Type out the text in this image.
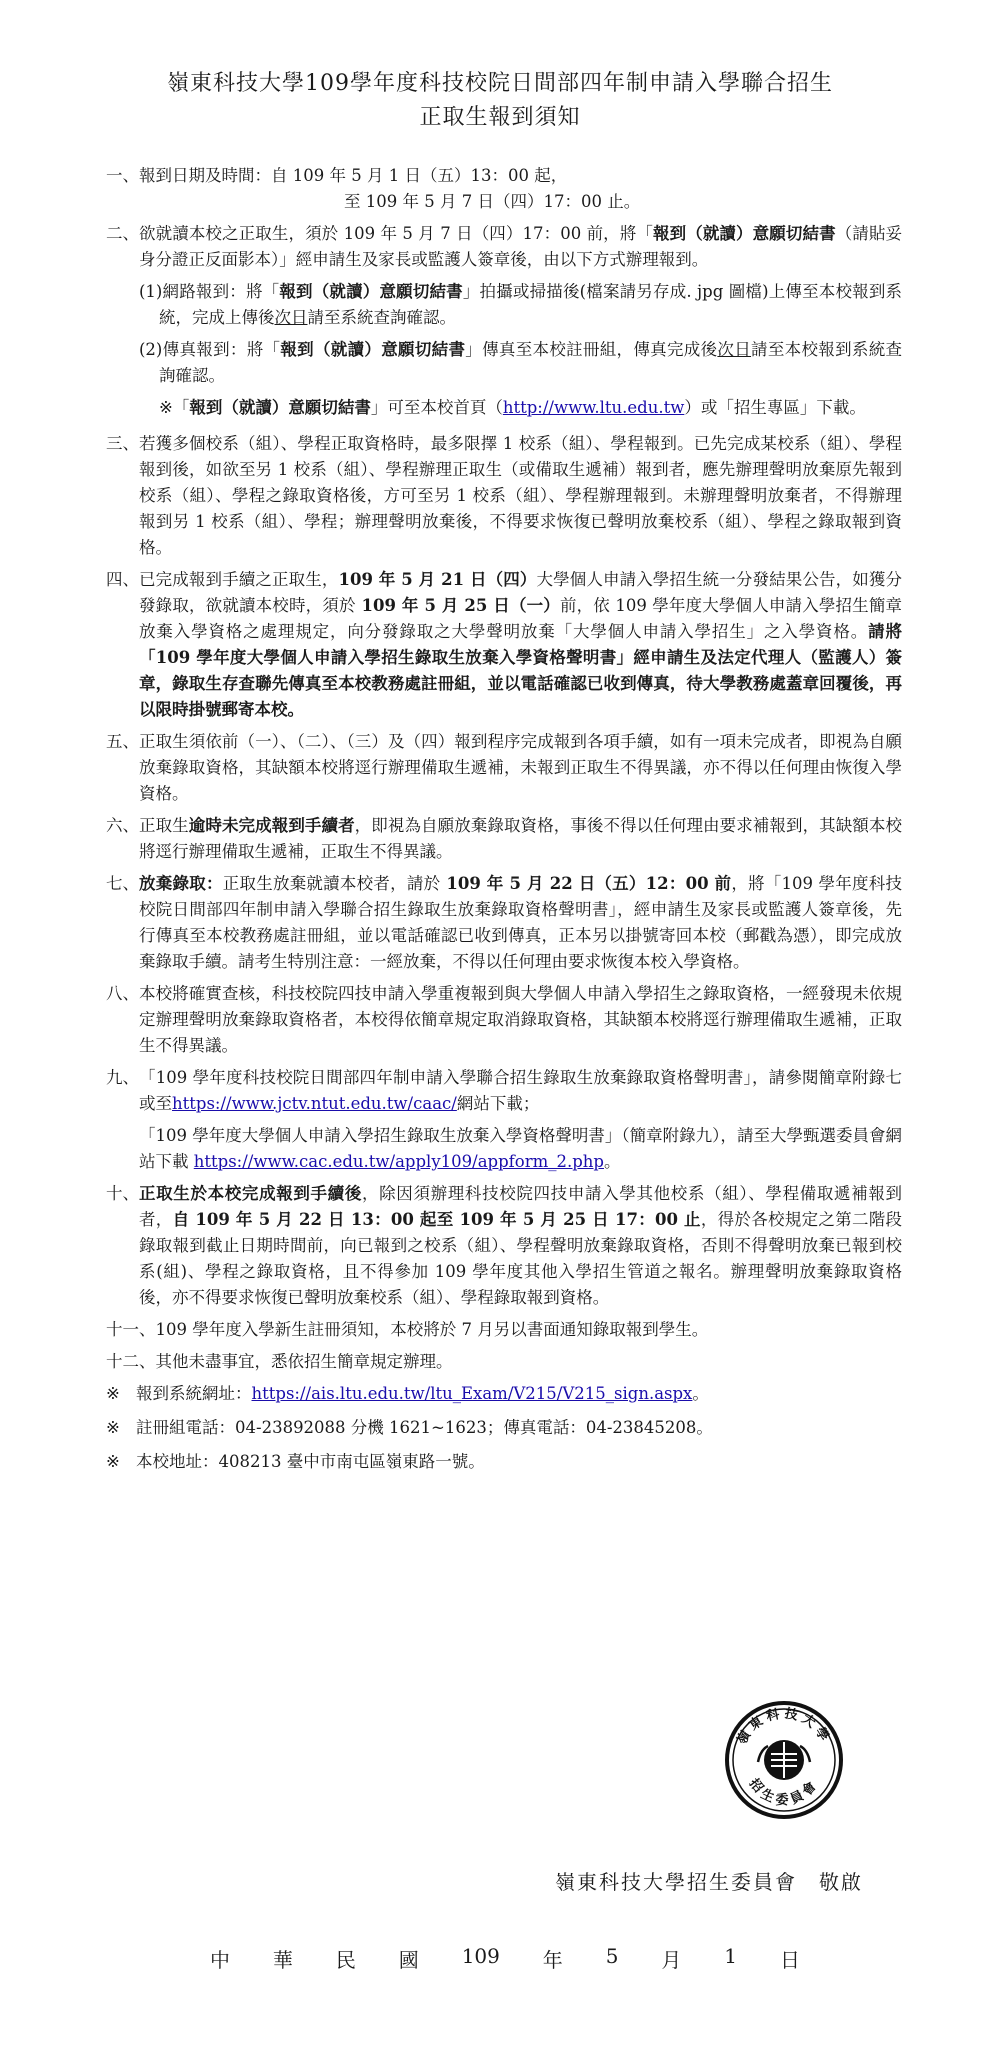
嶺東科技大學109學年度科技校院日間部四年制申請入學聯合招生
正取生報到須知
一、 報到日期及時間：自 109 年 5 月 1 日（五）13：00 起，
至 109 年 5 月 7 日（四）17：00 止。
二、 欲就讀本校之正取生，須於 109 年 5 月 7 日（四）17：00 前，將「報到（就讀）意願切結書（請貼妥身分證正反面影本）」經申請生及家長或監護人簽章後，由以下方式辦理報到。
(1)網路報到：將「報到（就讀）意願切結書」拍攝或掃描後(檔案請另存成. jpg 圖檔)上傳至本校報到系統，完成上傳後次日請至系統查詢確認。
(2)傳真報到：將「報到（就讀）意願切結書」傳真至本校註冊組，傳真完成後次日請至本校報到系統查詢確認。
※「報到（就讀）意願切結書」可至本校首頁（http://www.ltu.edu.tw）或「招生專區」下載。
三、 若獲多個校系（組）、學程正取資格時，最多限擇 1 校系（組）、學程報到。已先完成某校系（組）、學程報到後，如欲至另 1 校系（組）、學程辦理正取生（或備取生遞補）報到者，應先辦理聲明放棄原先報到校系（組）、學程之錄取資格後，方可至另 1 校系（組）、學程辦理報到。未辦理聲明放棄者，不得辦理報到另 1 校系（組）、學程；辦理聲明放棄後，不得要求恢復已聲明放棄校系（組）、學程之錄取報到資格。
四、 已完成報到手續之正取生，109 年 5 月 21 日（四）大學個人申請入學招生統一分發結果公告，如獲分發錄取，欲就讀本校時，須於 109 年 5 月 25 日（一）前，依 109 學年度大學個人申請入學招生簡章放棄入學資格之處理規定，向分發錄取之大學聲明放棄「大學個人申請入學招生」之入學資格。請將「109 學年度大學個人申請入學招生錄取生放棄入學資格聲明書」經申請生及法定代理人（監護人）簽章，錄取生存查聯先傳真至本校教務處註冊組，並以電話確認已收到傳真，待大學教務處蓋章回覆後，再以限時掛號郵寄本校。
五、 正取生須依前（一）、（二）、（三）及（四）報到程序完成報到各項手續，如有一項未完成者，即視為自願放棄錄取資格，其缺額本校將逕行辦理備取生遞補，未報到正取生不得異議，亦不得以任何理由恢復入學資格。
六、 正取生逾時未完成報到手續者，即視為自願放棄錄取資格，事後不得以任何理由要求補報到，其缺額本校將逕行辦理備取生遞補，正取生不得異議。
七、 放棄錄取：正取生放棄就讀本校者，請於 109 年 5 月 22 日（五）12：00 前，將「109 學年度科技校院日間部四年制申請入學聯合招生錄取生放棄錄取資格聲明書」，經申請生及家長或監護人簽章後，先行傳真至本校教務處註冊組，並以電話確認已收到傳真，正本另以掛號寄回本校（郵戳為憑），即完成放棄錄取手續。請考生特別注意：一經放棄，不得以任何理由要求恢復本校入學資格。
八、 本校將確實查核，科技校院四技申請入學重複報到與大學個人申請入學招生之錄取資格，一經發現未依規定辦理聲明放棄錄取資格者，本校得依簡章規定取消錄取資格，其缺額本校將逕行辦理備取生遞補，正取生不得異議。
九、 「109 學年度科技校院日間部四年制申請入學聯合招生錄取生放棄錄取資格聲明書」，請參閱簡章附錄七或至https://www.jctv.ntut.edu.tw/caac/網站下載；
「109 學年度大學個人申請入學招生錄取生放棄入學資格聲明書」（簡章附錄九），請至大學甄選委員會網站下載 https://www.cac.edu.tw/apply109/appform_2.php。
十、 正取生於本校完成報到手續後，除因須辦理科技校院四技申請入學其他校系（組）、學程備取遞補報到者，自 109 年 5 月 22 日 13：00 起至 109 年 5 月 25 日 17：00 止，得於各校規定之第二階段錄取報到截止日期時間前，向已報到之校系（組）、學程聲明放棄錄取資格，否則不得聲明放棄已報到校系(組)、學程之錄取資格，且不得參加 109 學年度其他入學招生管道之報名。辦理聲明放棄錄取資格後，亦不得要求恢復已聲明放棄校系（組）、學程錄取報到資格。
十一、 109 學年度入學新生註冊須知，本校將於 7 月另以書面通知錄取報到學生。
十二、 其他未盡事宜，悉依招生簡章規定辦理。
※ 報到系統網址：https://ais.ltu.edu.tw/ltu_Exam/V215/V215_sign.aspx。
※ 註冊組電話：04-23892088 分機 1621~1623；傳真電話：04-23845208。
※ 本校地址：408213 臺中市南屯區嶺東路一號。
嶺東科技大學
招生委員會
嶺東科技大學招生委員會　敬啟
中 華 民 國 109 年 5 月 1 日
